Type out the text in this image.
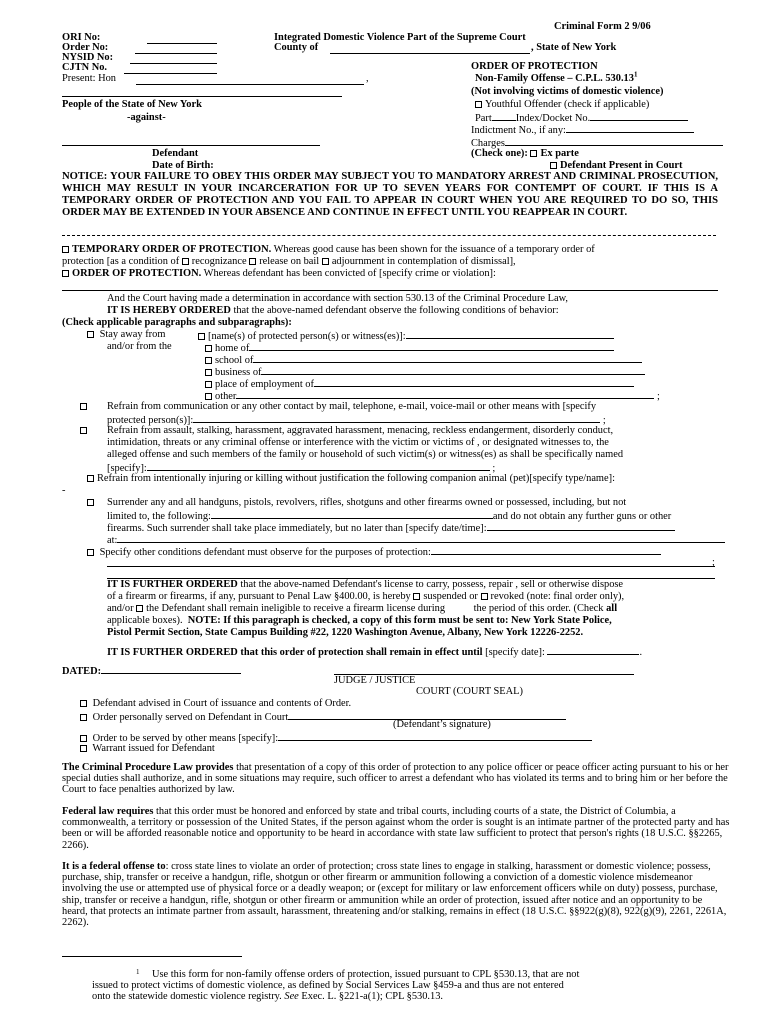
Criminal Form 2 9/06
ORI No:
Order No:
NYSID No:
CJTN No.
Present: Hon	,
Integrated Domestic Violence Part of the Supreme Court
County of	, State of New York
ORDER OF PROTECTION
Non-Family Offense – C.P.L. 530.13$^1$
(Not involving victims of domestic violence)
Youthful Offender (check if applicable)
Part Index/Docket No.
Indictment No., if any:
Charges
(Check one): Ex parte
Defendant Present in Court
People of the State of New York
-against-
Defendant
Date of Birth:
NOTICE: YOUR FAILURE TO OBEY THIS ORDER MAY SUBJECT YOU TO MANDATORY ARREST AND CRIMINAL PROSECUTION, WHICH MAY RESULT IN YOUR INCARCERATION FOR UP TO SEVEN YEARS FOR CONTEMPT OF COURT. IF THIS IS A TEMPORARY ORDER OF PROTECTION AND YOU FAIL TO APPEAR IN COURT WHEN YOU ARE REQUIRED TO DO SO, THIS ORDER MAY BE EXTENDED IN YOUR ABSENCE AND CONTINUE IN EFFECT UNTIL YOU REAPPEAR IN COURT.
TEMPORARY ORDER OF PROTECTION. Whereas good cause has been shown for the issuance of a temporary order of
protection [as a condition of recognizance release on bail adjournment in contemplation of dismissal],
ORDER OF PROTECTION. Whereas defendant has been convicted of [specify crime or violation]:
And the Court having made a determination in accordance with section 530.13 of the Criminal Procedure Law,
IT IS HEREBY ORDERED that the above-named defendant observe the following conditions of behavior:
(Check applicable paragraphs and subparagraphs):
Stay away from	[name(s) of protected person(s) or witness(es)]:
and/or from the	home of
school of
business of
place of employment of
other	;
Refrain from communication or any other contact by mail, telephone, e-mail, voice-mail or other means with [specify
protected person(s)]:	;
Refrain from assault, stalking, harassment, aggravated harassment, menacing, reckless endangerment, disorderly conduct,
intimidation, threats or any criminal offense or interference with the victim or victims of , or designated witnesses to, the
alleged offense and such members of the family or household of such victim(s) or witness(es) as shall be specifically named
[specify]:	;
Refrain from intentionally injuring or killing without justification the following companion animal (pet)[specify type/name]:
-
Surrender any and all handguns, pistols, revolvers, rifles, shotguns and other firearms owned or possessed, including, but not
limited to, the following:	and do not obtain any further guns or other
firearms. Such surrender shall take place immediately, but no later than [specify date/time]:
at:
Specify other conditions defendant must observe for the purposes of protection:
;
IT IS FURTHER ORDERED that the above-named Defendant's license to carry, possess, repair , sell or otherwise dispose
of a firearm or firearms, if any, pursuant to Penal Law §400.00, is hereby suspended or revoked (note: final order only),
and/or the Defendant shall remain ineligible to receive a firearm license during	the period of this order. (Check all
applicable boxes). NOTE: If this paragraph is checked, a copy of this form must be sent to: New York State Police,
Pistol Permit Section, State Campus Building #22, 1220 Washington Avenue, Albany, New York 12226-2252.
IT IS FURTHER ORDERED that this order of protection shall remain in effect until [specify date]:	.
DATED:
JUDGE / JUSTICE
COURT (COURT SEAL)
Defendant advised in Court of issuance and contents of Order.
Order personally served on Defendant in Court
(Defendant’s signature)
Order to be served by other means [specify]:
Warrant issued for Defendant
The Criminal Procedure Law provides that presentation of a copy of this order of protection to any police officer or peace officer acting pursuant to his or her special duties shall authorize, and in some situations may require, such officer to arrest a defendant who has violated its terms and to bring him or her before the Court to face penalties authorized by law.
Federal law requires that this order must be honored and enforced by state and tribal courts, including courts of a state, the District of Columbia, a commonwealth, a territory or possession of the United States, if the person against whom the order is sought is an intimate partner of the protected party and has been or will be afforded reasonable notice and opportunity to be heard in accordance with state law sufficient to protect that person's rights (18 U.S.C. §§2265, 2266).
It is a federal offense to: cross state lines to violate an order of protection; cross state lines to engage in stalking, harassment or domestic violence; possess, purchase, ship, transfer or receive a handgun, rifle, shotgun or other firearm or ammunition following a conviction of a domestic violence misdemeanor involving the use or attempted use of physical force or a deadly weapon; or (except for military or law enforcement officers while on duty) possess, purchase, ship, transfer or receive a handgun, rifle, shotgun or other firearm or ammunition while an order of protection, issued after notice and an opportunity to be heard, that protects an intimate partner from assault, harassment, threatening and/or stalking, remains in effect (18 U.S.C. §§922(g)(8), 922(g)(9), 2261, 2261A, 2262).
1 Use this form for non-family offense orders of protection, issued pursuant to CPL §530.13, that are not
issued to protect victims of domestic violence, as defined by Social Services Law §459-a and thus are not entered
onto the statewide domestic violence registry. See Exec. L. §221-a(1); CPL §530.13.
